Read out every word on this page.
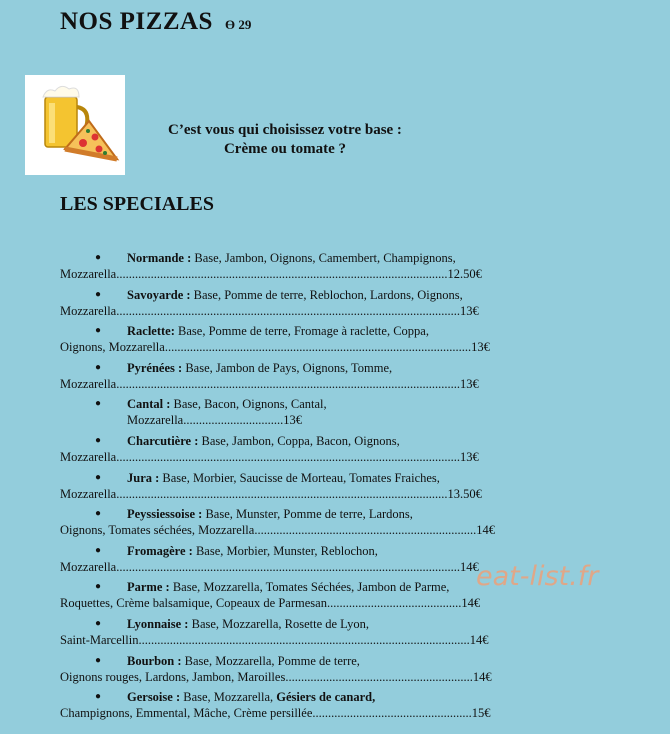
NOS PIZZAS Ө 29
C’est vous qui choisissez votre base :
Crème ou tomate ?
LES SPECIALES
● Normande : Base, Jambon, Oignons, Camembert, Champignons,
Mozzarella..........................................................................................................12.50€
● Savoyarde : Base, Pomme de terre, Reblochon, Lardons, Oignons,
Mozzarella..............................................................................................................13€
● Raclette: Base, Pomme de terre, Fromage à raclette, Coppa,
Oignons, Mozzarella..................................................................................................13€
● Pyrénées : Base, Jambon de Pays, Oignons, Tomme,
Mozzarella..............................................................................................................13€
● Cantal : Base, Bacon, Oignons, Cantal,
Mozzarella................................13€
● Charcutière : Base, Jambon, Coppa, Bacon, Oignons,
Mozzarella..............................................................................................................13€
● Jura : Base, Morbier, Saucisse de Morteau, Tomates Fraiches,
Mozzarella..........................................................................................................13.50€
● Peyssiessoise : Base, Munster, Pomme de terre, Lardons,
Oignons, Tomates séchées, Mozzarella.......................................................................14€
● Fromagère : Base, Morbier, Munster, Reblochon,
Mozzarella..............................................................................................................14€
● Parme : Base, Mozzarella, Tomates Séchées, Jambon de Parme,
Roquettes, Crème balsamique, Copeaux de Parmesan...........................................14€
● Lyonnaise : Base, Mozzarella, Rosette de Lyon,
Saint-Marcellin..........................................................................................................14€
● Bourbon : Base, Mozzarella, Pomme de terre,
Oignons rouges, Lardons, Jambon, Maroilles............................................................14€
● Gersoise : Base, Mozzarella, Gésiers de canard,
Champignons, Emmental, Mâche, Crème persillée...................................................15€
eat-list.fr
